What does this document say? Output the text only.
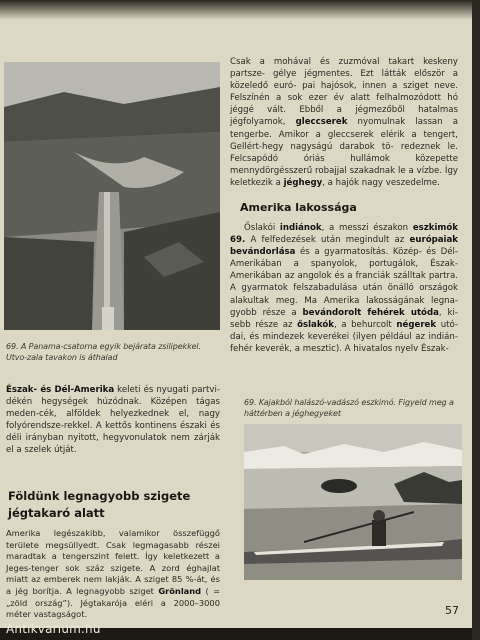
69. A Panama-csatorna egyik bejárata zsilipekkel. Utvo-zala tavakon is áthalad
Csak a mohával és zuzmóval takart keskeny partsze- gélye jégmentes. Ezt látták először a közeledő euró- pai hajósok, innen a sziget neve. Felszínén a sok ezer év alatt felhalmozódott hó jéggé vált. Ebből a jégmezőből hatalmas jégfolyamok, gleccserek nyomulnak lassan a tengerbe. Amikor a gleccserek elérik a tengert, Gellért-hegy nagyságú darabok tö- redeznek le. Felcsapódó óriás hullámok közepette mennydörgésszerű robajjal szakadnak le a vízbe. Így keletkezik a jéghegy, a hajók nagy veszedelme.
Amerika lakossága
Őslakói indiánok, a messzi északon eszkimók 69. A felfedezések után megindult az európaiak bevándorlása és a gyarmatosítás. Közép- és Dél-Amerikában a spanyolok, portugálok, Észak-Amerikában az angolok és a franciák szálltak partra. A gyarmatok felszabadulása után önálló országok alakultak meg. Ma Amerika lakosságának legna-gyobb része a bevándorolt fehérek utóda, ki-sebb része az őslakók, a behurcolt négerek utó-dai, és mindezek keverékei (ilyen például az indián-fehér keverék, a mesztic). A hivatalos nyelv Észak-
69. Kajakból halászó-vadászó eszkimó. Figyeld meg a háttérben a jéghegyeket
Észak- és Dél-Amerika keleti és nyugati partvi-dékén hegységek húzódnak. Középen tágas meden-cék, alföldek helyezkednek el, nagy folyórendsze-rekkel. A kettős kontinens északi és déli irányban nyitott, hegyvonulatok nem zárják el a szelek útját.
Földünk legnagyobb szigete
jégtakaró alatt
Amerika legészakibb, valamikor összefüggő területe megsüllyedt. Csak legmagasabb részei maradtak a tengerszint felett. Így keletkezett a Jeges-tenger sok száz szigete. A zord éghajlat miatt az emberek nem lakják. A sziget 85 %-át, és a jég borítja. A legnagyobb sziget Grönland ( = „zöld ország”). Jégtakarója eléri a 2000–3000 méter vastagságot.	57
Antikvarium.hu
